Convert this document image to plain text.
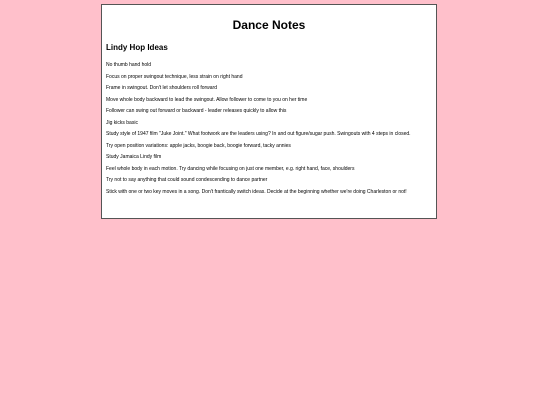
Dance Notes
Lindy Hop Ideas
No thumb hand hold
Focus on proper swingout technique, less strain on right hand
Frame in swingout. Don't let shoulders roll forward
Move whole body backward to lead the swingout. Allow follower to come to you on her time
Follower can swing out forward or backward - leader releases quickly to allow this
Jig kicks basic
Study style of 1947 film "Juke Joint." What footwork are the leaders using? In and out figure/sugar push. Swingouts with 4 steps in closed.
Try open position variations: apple jacks, boogie back, boogie forward, tacky annies
Study Jamaica Lindy film
Feel whole body in each motion. Try dancing while focusing on just one member, e.g. right hand, face, shoulders
Try not to say anything that could sound condescending to dance partner
Stick with one or two key moves in a song. Don't frantically switch ideas. Decide at the beginning whether we're doing Charleston or not!
